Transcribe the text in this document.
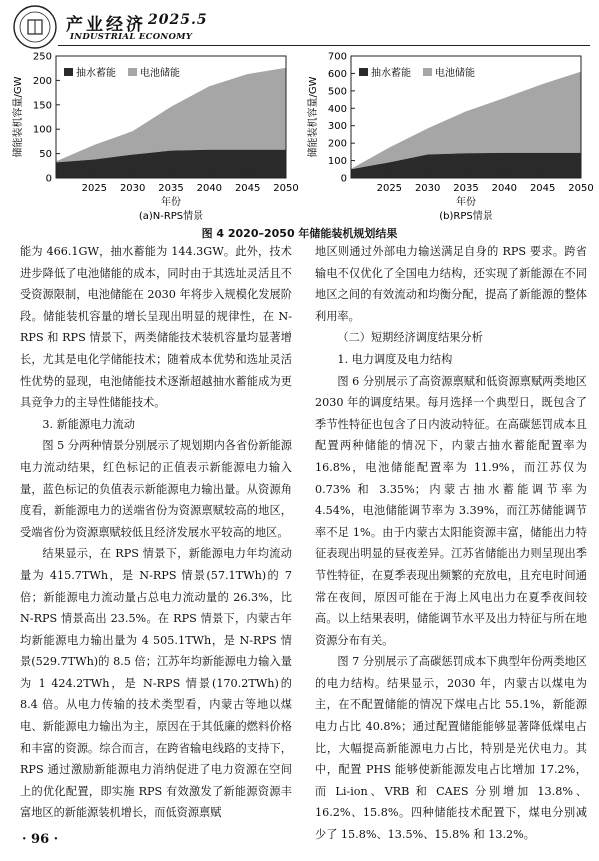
产业经济 2025.5
INDUSTRIAL ECONOMY
0
50
100
150
200
250
2025 2030 2035 2040 2045 2050
抽水蓄能 电池储能
储能装机容量/GW
年份
(a)N-RPS情景
0
100
200
300
400
500
600
700
2025 2030 2035 2040 2045 2050
抽水蓄能 电池储能
储能装机容量/GW
年份
(b)RPS情景
图 4 2020–2050 年储能装机规划结果

能为 466.1GW，抽水蓄能为 144.3GW。此外，技术进步降低了电池储能的成本，同时由于其选址灵活且不受资源限制，电池储能在 2030 年将步入规模化发展阶段。储能装机容量的增长呈现出明显的规律性，在 N-RPS 和 RPS 情景下，两类储能技术装机容量均显著增长，尤其是电化学储能技术；随着成本优势和选址灵活性优势的显现，电池储能技术逐渐超越抽水蓄能成为更具竞争力的主导性储能技术。

3. 新能源电力流动

图 5 分两种情景分别展示了规划期内各省份新能源电力流动结果，红色标记的正值表示新能源电力输入量，蓝色标记的负值表示新能源电力输出量。从资源角度看，新能源电力的送端省份为资源禀赋较高的地区，受端省份为资源禀赋较低且经济发展水平较高的地区。

结果显示，在 RPS 情景下，新能源电力年均流动量为 415.7TWh，是 N-RPS 情景(57.1TWh)的 7 倍；新能源电力流动量占总电力流动量的 26.3%，比 N-RPS 情景高出 23.5%。在 RPS 情景下，内蒙古年均新能源电力输出量为 4 505.1TWh，是 N-RPS 情景(529.7TWh)的 8.5 倍；江苏年均新能源电力输入量为 1 424.2TWh，是 N-RPS 情景(170.2TWh)的 8.4 倍。从电力传输的技术类型看，内蒙古等地以煤电、新能源电力输出为主，原因在于其低廉的燃料价格和丰富的资源。综合而言，在跨省输电线路的支持下，RPS 通过激励新能源电力消纳促进了电力资源在空间上的优化配置，即实施 RPS 有效激发了新能源资源丰富地区的新能源装机增长，而低资源禀赋

地区则通过外部电力输送满足自身的 RPS 要求。跨省输电不仅优化了全国电力结构，还实现了新能源在不同地区之间的有效流动和均衡分配，提高了新能源的整体利用率。

（二）短期经济调度结果分析

1. 电力调度及电力结构

图 6 分别展示了高资源禀赋和低资源禀赋两类地区 2030 年的调度结果。每月选择一个典型日，既包含了季节性特征也包含了日内波动特征。在高碳惩罚成本且配置两种储能的情况下，内蒙古抽水蓄能配置率为 16.8%，电池储能配置率为 11.9%，而江苏仅为 0.73% 和 3.35%；内蒙古抽水蓄能调节率为 4.54%，电池储能调节率为 3.39%，而江苏储能调节率不足 1%。由于内蒙古太阳能资源丰富，储能出力特征表现出明显的昼夜差异。江苏省储能出力则呈现出季节性特征，在夏季表现出频繁的充放电，且充电时间通常在夜间，原因可能在于海上风电出力在夏季夜间较高。以上结果表明，储能调节水平及出力特征与所在地资源分布有关。

图 7 分别展示了高碳惩罚成本下典型年份两类地区的电力结构。结果显示，2030 年，内蒙古以煤电为主，在不配置储能的情况下煤电占比 55.1%，新能源电力占比 40.8%；通过配置储能能够显著降低煤电占比，大幅提高新能源电力占比，特别是光伏电力。其中，配置 PHS 能够使新能源发电占比增加 17.2%，而 Li-ion、VRB 和 CAES 分别增加 13.8%、16.2%、15.8%。四种储能技术配置下，煤电分别减少了 15.8%、13.5%、15.8% 和 13.2%。

· 96 ·
